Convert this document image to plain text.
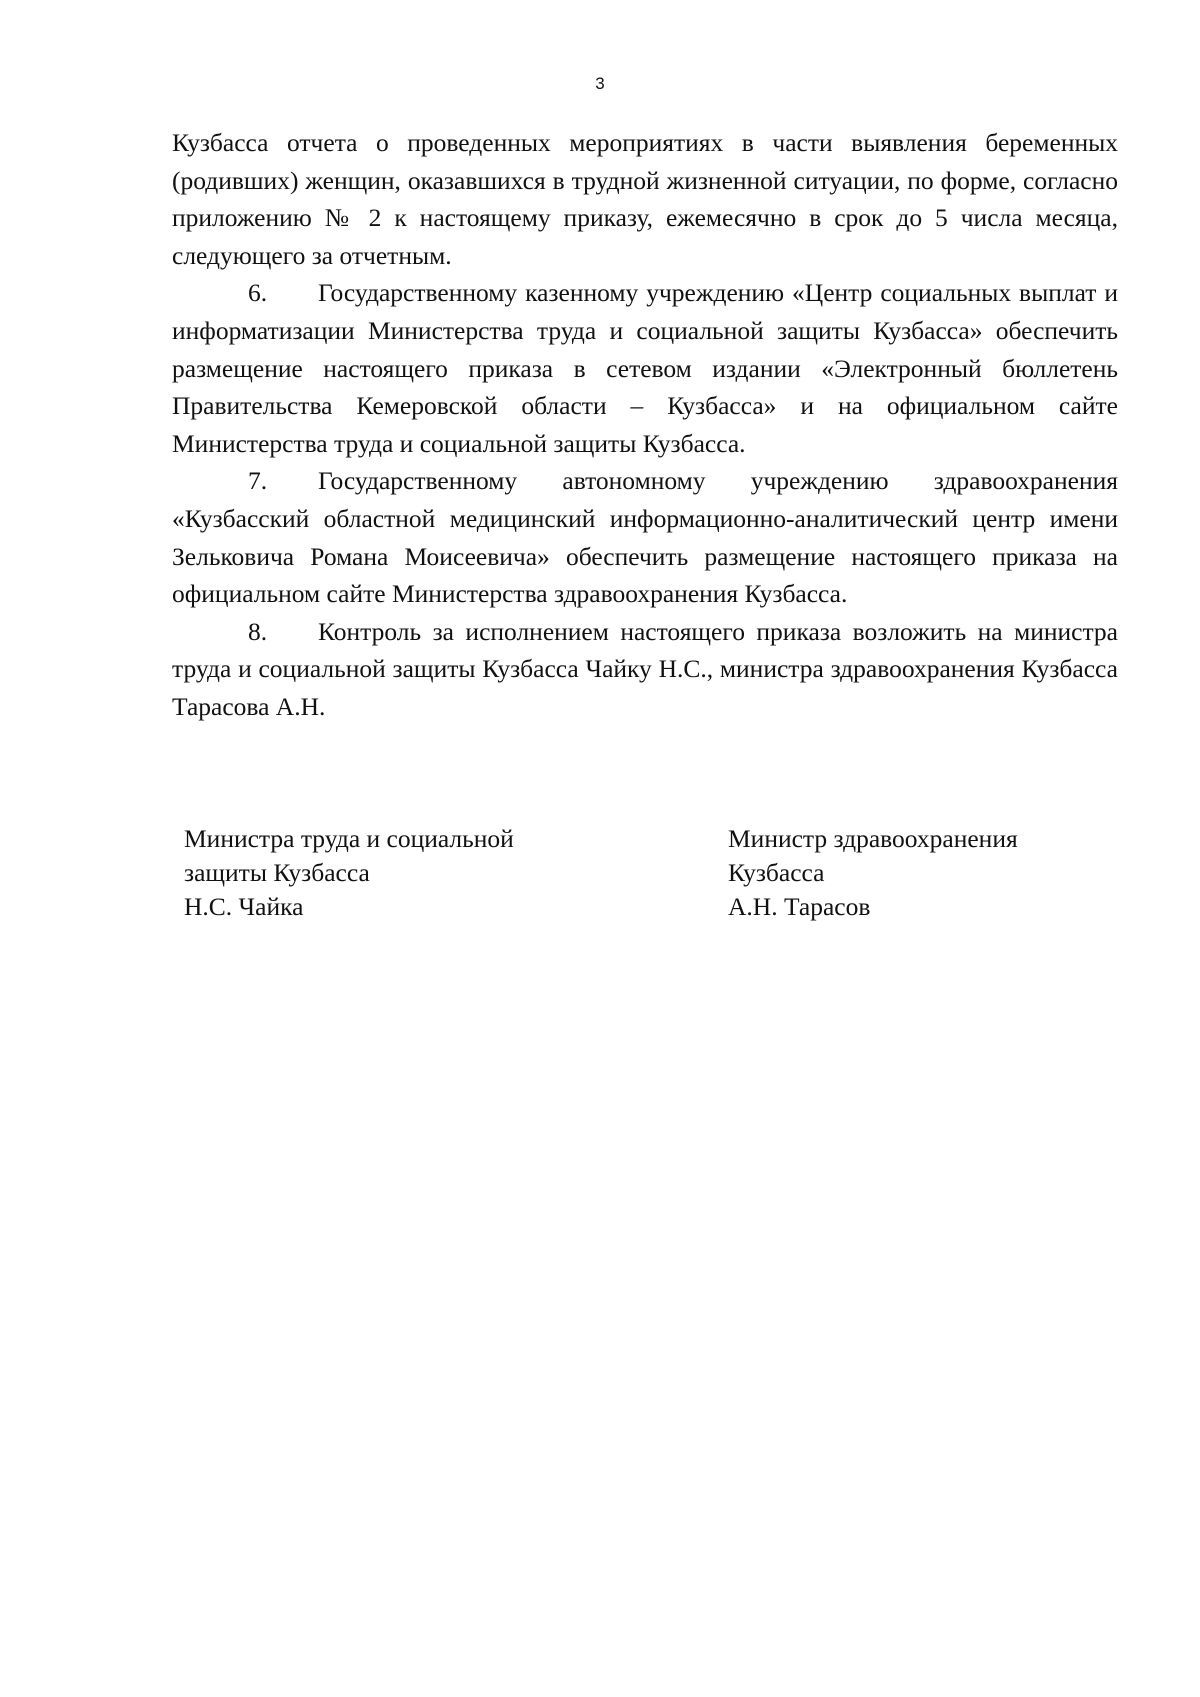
3

Кузбасса отчета о проведенных мероприятиях в части выявления беременных (родивших) женщин, оказавшихся в трудной жизненной ситуации, по форме, согласно приложению № 2 к настоящему приказу, ежемесячно в срок до 5 числа месяца, следующего за отчетным.

6. Государственному казенному учреждению «Центр социальных выплат и информатизации Министерства труда и социальной защиты Кузбасса» обеспечить размещение настоящего приказа в сетевом издании «Электронный бюллетень Правительства Кемеровской области – Кузбасса» и на официальном сайте Министерства труда и социальной защиты Кузбасса.

7. Государственному автономному учреждению здравоохранения «Кузбасский областной медицинский информационно-аналитический центр имени Зельковича Романа Моисеевича» обеспечить размещение настоящего приказа на официальном сайте Министерства здравоохранения Кузбасса.

8. Контроль за исполнением настоящего приказа возложить на министра труда и социальной защиты Кузбасса Чайку Н.С., министра здравоохранения Кузбасса Тарасова А.Н.

Министра труда и социальной
защиты Кузбасса
Н.С. Чайка
Министр здравоохранения
Кузбасса
А.Н. Тарасов
